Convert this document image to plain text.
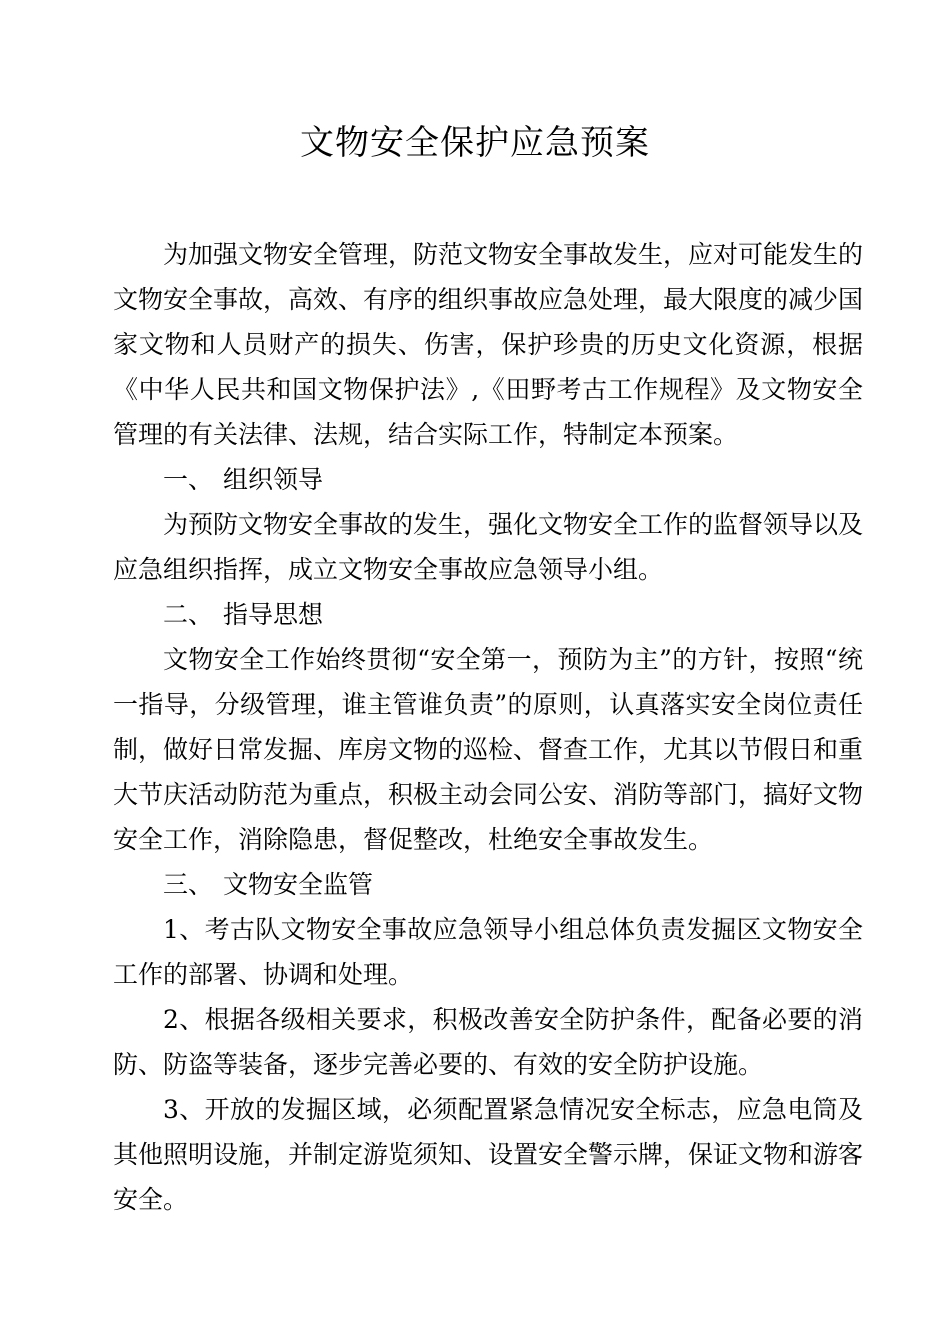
文物安全保护应急预案

为加强文物安全管理，防范文物安全事故发生，应对可能发生的文物安全事故，高效、有序的组织事故应急处理，最大限度的减少国家文物和人员财产的损失、伤害，保护珍贵的历史文化资源，根据《中华人民共和国文物保护法》,《田野考古工作规程》及文物安全管理的有关法律、法规，结合实际工作，特制定本预案。

一、 组织领导

为预防文物安全事故的发生，强化文物安全工作的监督领导以及应急组织指挥，成立文物安全事故应急领导小组。

二、 指导思想

文物安全工作始终贯彻“安全第一，预防为主”的方针，按照“统一指导，分级管理，谁主管谁负责”的原则，认真落实安全岗位责任制，做好日常发掘、库房文物的巡检、督查工作，尤其以节假日和重大节庆活动防范为重点，积极主动会同公安、消防等部门，搞好文物安全工作，消除隐患，督促整改，杜绝安全事故发生。

三、 文物安全监管

1、考古队文物安全事故应急领导小组总体负责发掘区文物安全工作的部署、协调和处理。

2、根据各级相关要求，积极改善安全防护条件，配备必要的消防、防盗等装备，逐步完善必要的、有效的安全防护设施。

3、开放的发掘区域，必须配置紧急情况安全标志，应急电筒及其他照明设施，并制定游览须知、设置安全警示牌，保证文物和游客安全。
